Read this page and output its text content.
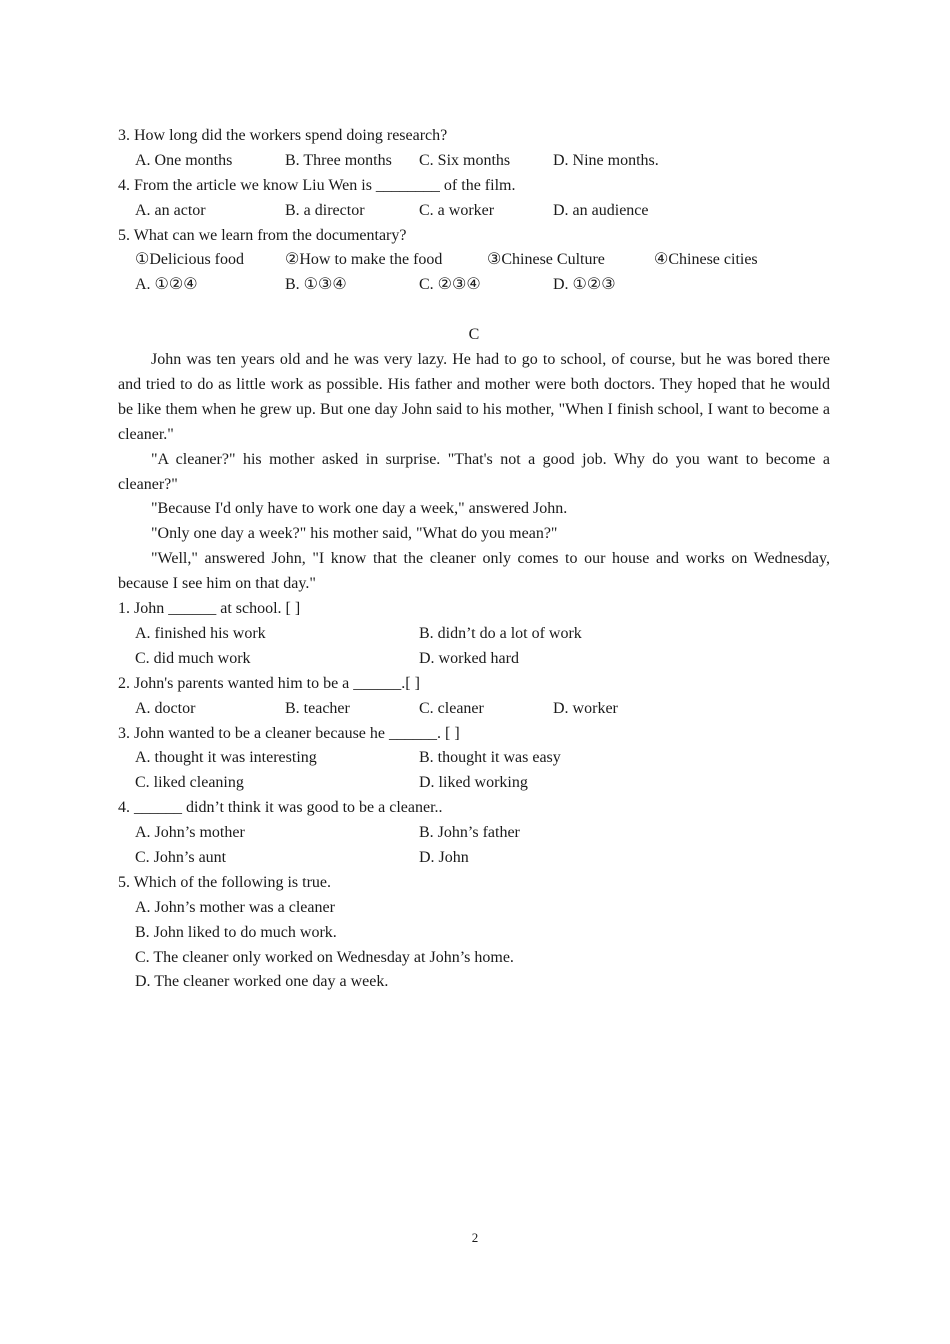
3. How long did the workers spend doing research?
A. One months	B. Three months C. Six months	D. Nine months.
4. From the article we know Liu Wen is ________ of the film.
A. an actor	B. a director	C. a worker	D. an audience
5. What can we learn from the documentary?
①Delicious food	②How to make the food	③Chinese Culture	④Chinese cities
A. ①②④	B. ①③④	C. ②③④	D. ①②③
C
John was ten years old and he was very lazy. He had to go to school, of course, but he was bored there and tried to do as little work as possible. His father and mother were both doctors. They hoped that he would be like them when he grew up. But one day John said to his mother, "When I finish school, I want to become a cleaner."
"A cleaner?" his mother asked in surprise. "That's not a good job. Why do you want to become a cleaner?"
"Because I'd only have to work one day a week," answered John.
"Only one day a week?" his mother said, "What do you mean?"
"Well," answered John, "I know that the cleaner only comes to our house and works on Wednesday, because I see him on that day."
1. John ______ at school. [ ]
A. finished his work	B. didn’t do a lot of work
C. did much work	D. worked hard
2. John's parents wanted him to be a ______.[ ]
A. doctor	B. teacher	C. cleaner	D. worker
3. John wanted to be a cleaner because he ______. [ ]
A. thought it was interesting	B. thought it was easy
C. liked cleaning	D. liked working
4. ______ didn’t think it was good to be a cleaner..
A. John’s mother	B. John’s father
C. John’s aunt	D. John
5. Which of the following is true.
A. John’s mother was a cleaner
B. John liked to do much work.
C. The cleaner only worked on Wednesday at John’s home.
D. The cleaner worked one day a week.
2
